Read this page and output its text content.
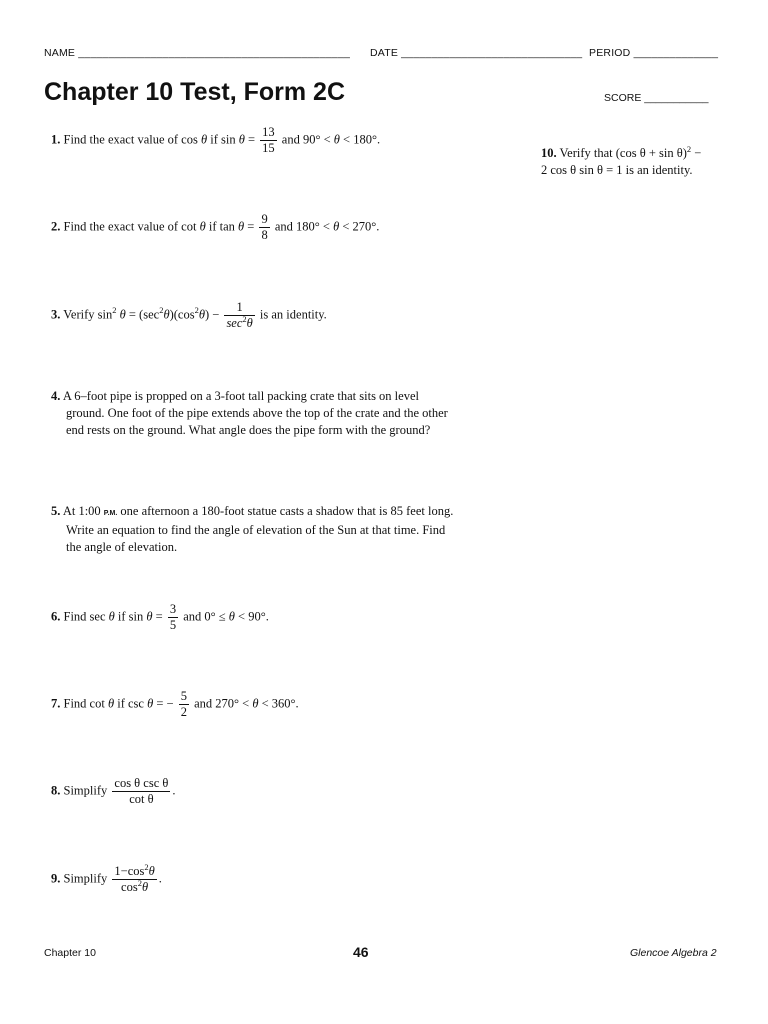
NAME _____________________________________________ DATE ______________________________ PERIOD ______________
Chapter 10 Test, Form 2C	SCORE ___________
1. Find the exact value of cos θ if $\sin \theta = \frac{13}{15}$ and 90° < θ < 180°.
10. Verify that (cos θ + sin θ)$^2$ −
2 cos θ sin θ = 1 is an identity.
2. Find the exact value of cot θ if $\tan \theta = \frac{9}{8}$ and 180° < θ < 270°.
3. Verify $\sin^2 \theta = (\sec^2\theta)(\cos^2\theta) - \frac{1}{\sec^2\theta}$ is an identity.
4. A 6–foot pipe is propped on a 3-foot tall packing crate that sits on level
ground. One foot of the pipe extends above the top of the crate and the other
end rests on the ground. What angle does the pipe form with the ground?
5. At 1:00 P.M. one afternoon a 180-foot statue casts a shadow that is 85 feet long.
Write an equation to find the angle of elevation of the Sun at that time. Find
the angle of elevation.
6. Find sec θ if $\sin \theta = \frac{3}{5}$ and 0° ≤ θ < 90°.
7. Find cot θ if csc θ = − $\frac{5}{2}$ and 270° < θ < 360°.
8. Simplify $\frac{\text{cos θ csc θ}}{\text{cot θ}}$ .
9. Simplify $\frac{1-\cos^2\theta}{\cos^2\theta}$ .
Chapter 10	46	Glencoe Algebra 2
